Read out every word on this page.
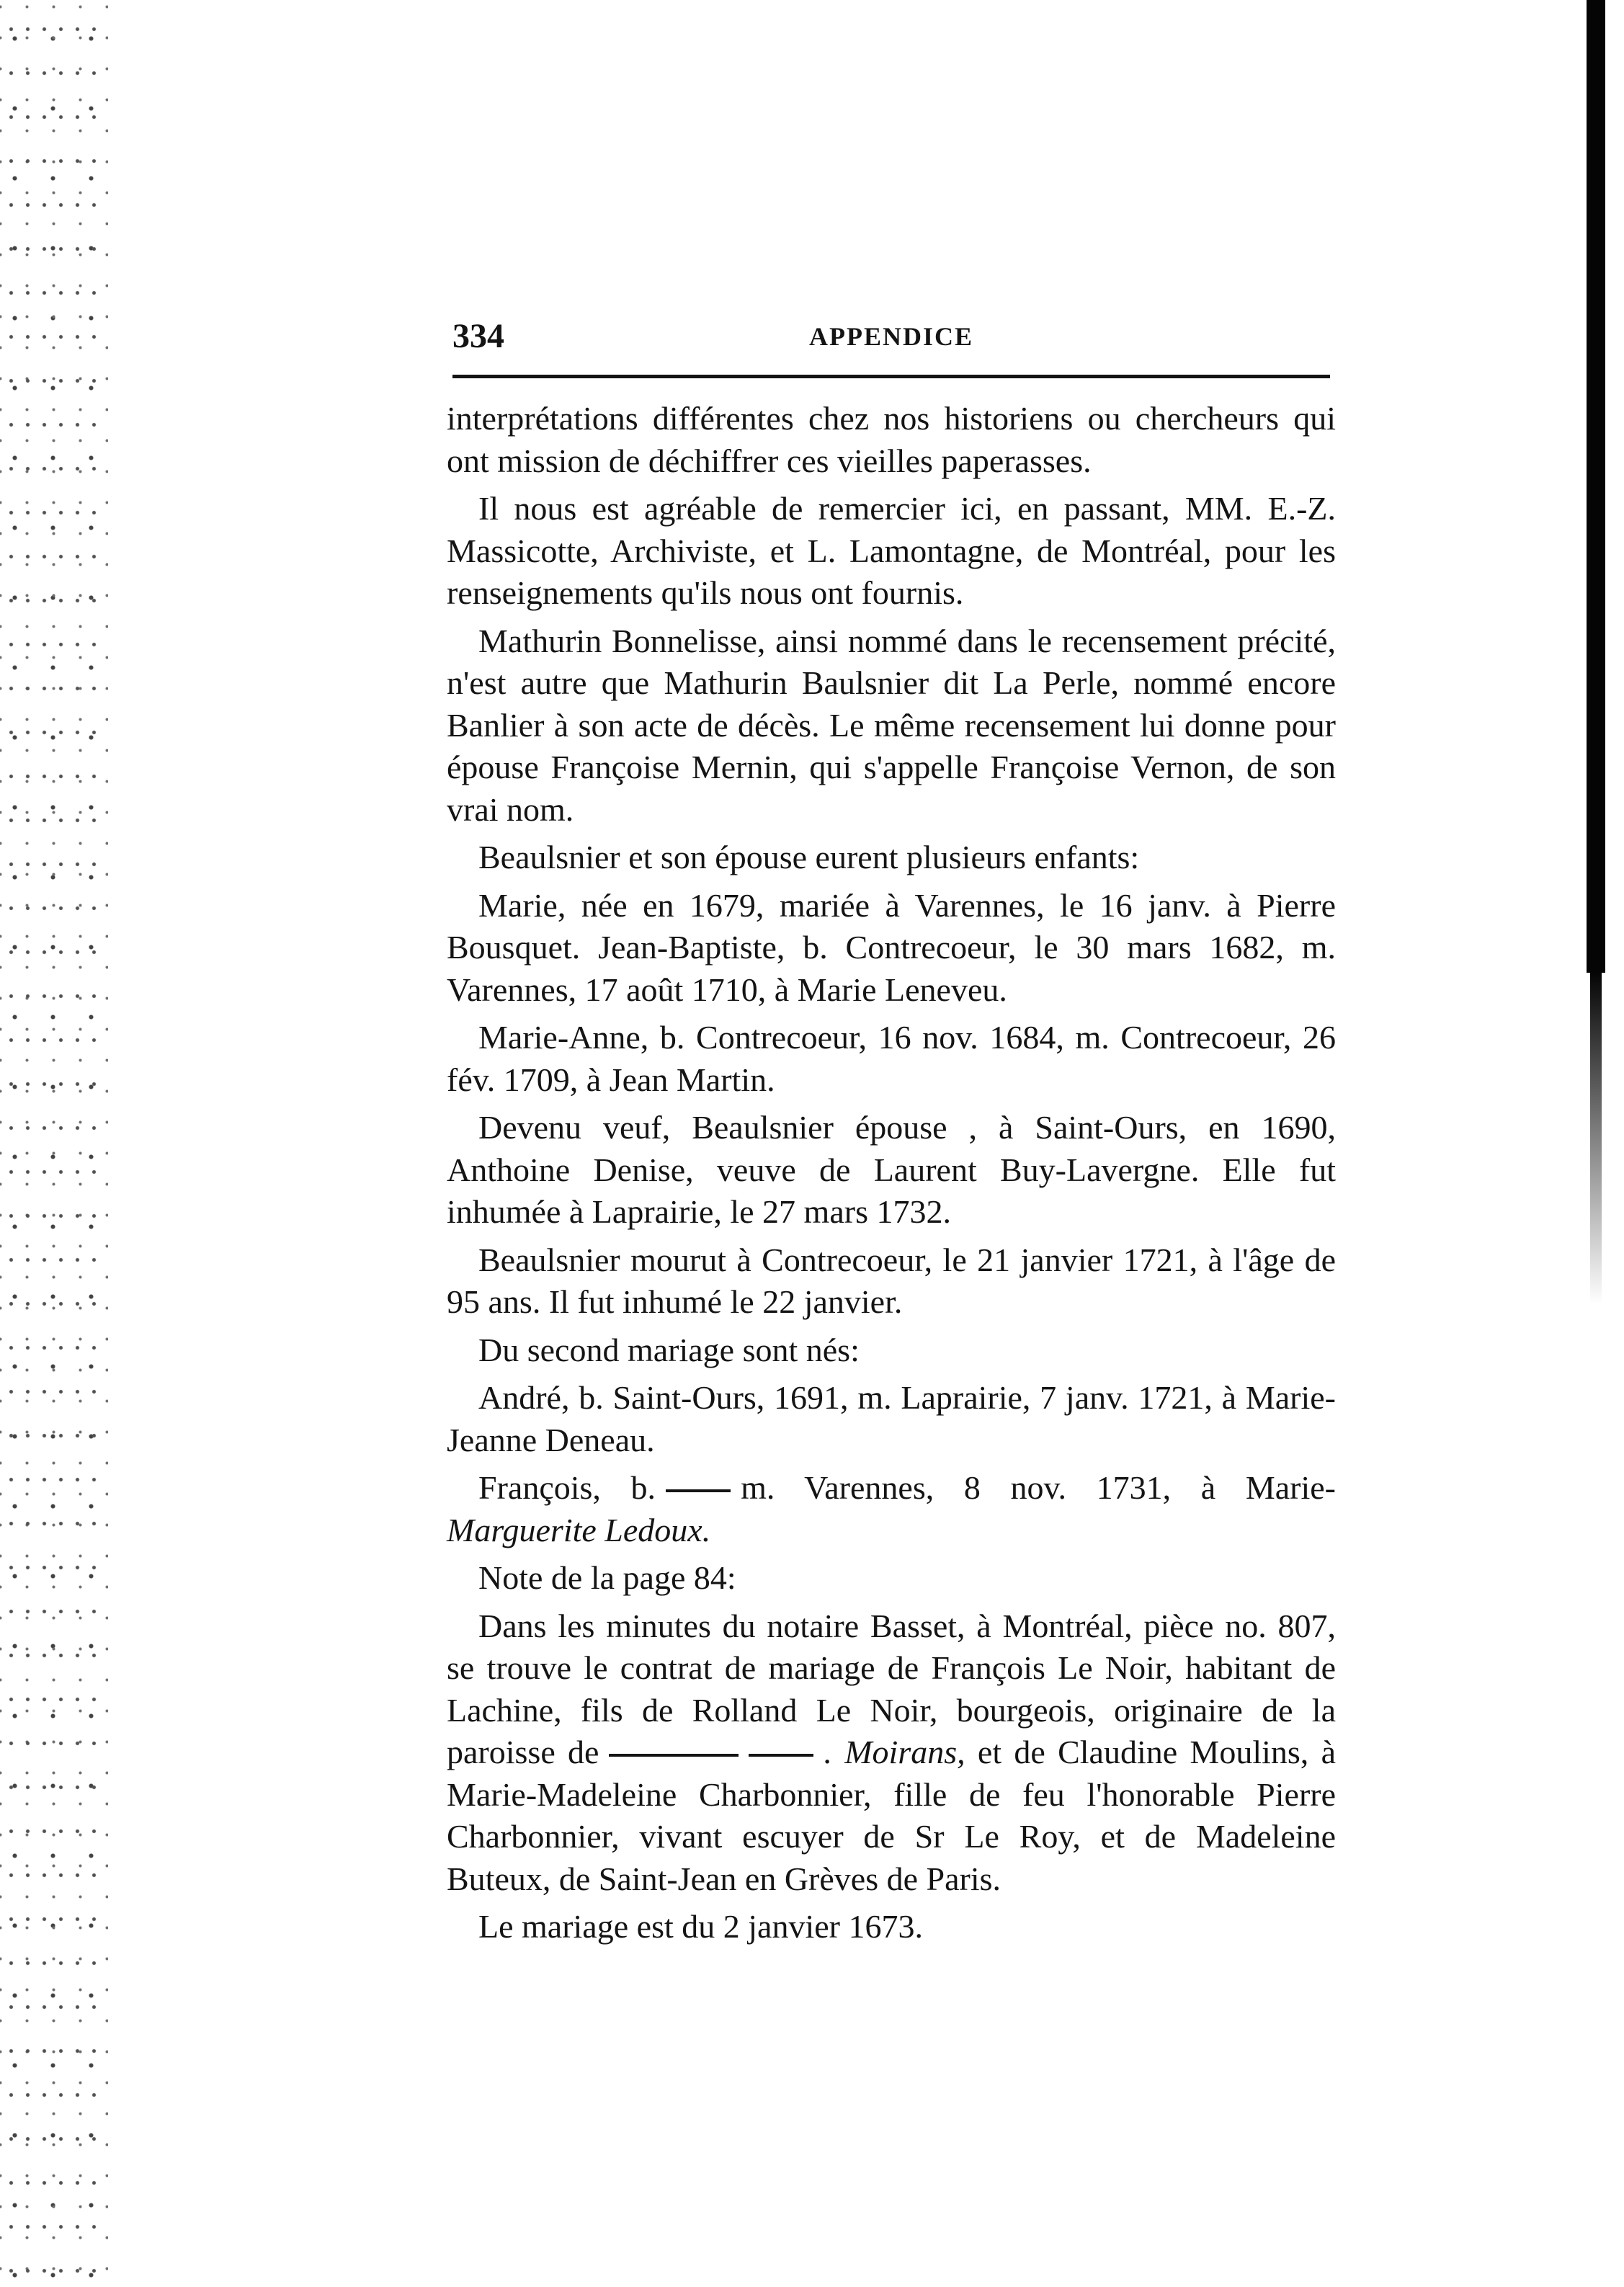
334	APPENDICE

interprétations différentes chez nos historiens ou chercheurs qui ont mission de déchiffrer ces vieilles paperasses.

Il nous est agréable de remercier ici, en passant, MM. E.-Z. Massicotte, Archiviste, et L. Lamontagne, de Montréal, pour les renseignements qu'ils nous ont fournis.

Mathurin Bonnelisse, ainsi nommé dans le recensement précité, n'est autre que Mathurin Baulsnier dit La Perle, nommé encore Banlier à son acte de décès. Le même recensement lui donne pour épouse Françoise Mernin, qui s'appelle Françoise Vernon, de son vrai nom.

Beaulsnier et son épouse eurent plusieurs enfants:

Marie, née en 1679, mariée à Varennes, le 16 janv. à Pierre Bousquet. Jean-Baptiste, b. Contrecoeur, le 30 mars 1682, m. Varennes, 17 août 1710, à Marie Leneveu.

Marie-Anne, b. Contrecoeur, 16 nov. 1684, m. Contrecoeur, 26 fév. 1709, à Jean Martin.

Devenu veuf, Beaulsnier épouse , à Saint-Ours, en 1690, Anthoine Denise, veuve de Laurent Buy-Lavergne. Elle fut inhumée à Laprairie, le 27 mars 1732.

Beaulsnier mourut à Contrecoeur, le 21 janvier 1721, à l'âge de 95 ans. Il fut inhumé le 22 janvier.

Du second mariage sont nés:

André, b. Saint-Ours, 1691, m. Laprairie, 7 janv. 1721, à Marie-Jeanne Deneau.

François, b.	m. Varennes, 8 nov. 1731, à Marie- Marguerite Ledoux.

Note de la page 84:

Dans les minutes du notaire Basset, à Montréal, pièce no. 807, se trouve le contrat de mariage de François Le Noir, habitant de Lachine, fils de Rolland Le Noir, bourgeois, originaire de la paroisse de	. Moirans, et de Claudine Moulins, à Marie-Madeleine Charbonnier, fille de feu l'honorable Pierre Charbonnier, vivant escuyer de Sr Le Roy, et de Madeleine Buteux, de Saint-Jean en Grèves de Paris.

Le mariage est du 2 janvier 1673.
